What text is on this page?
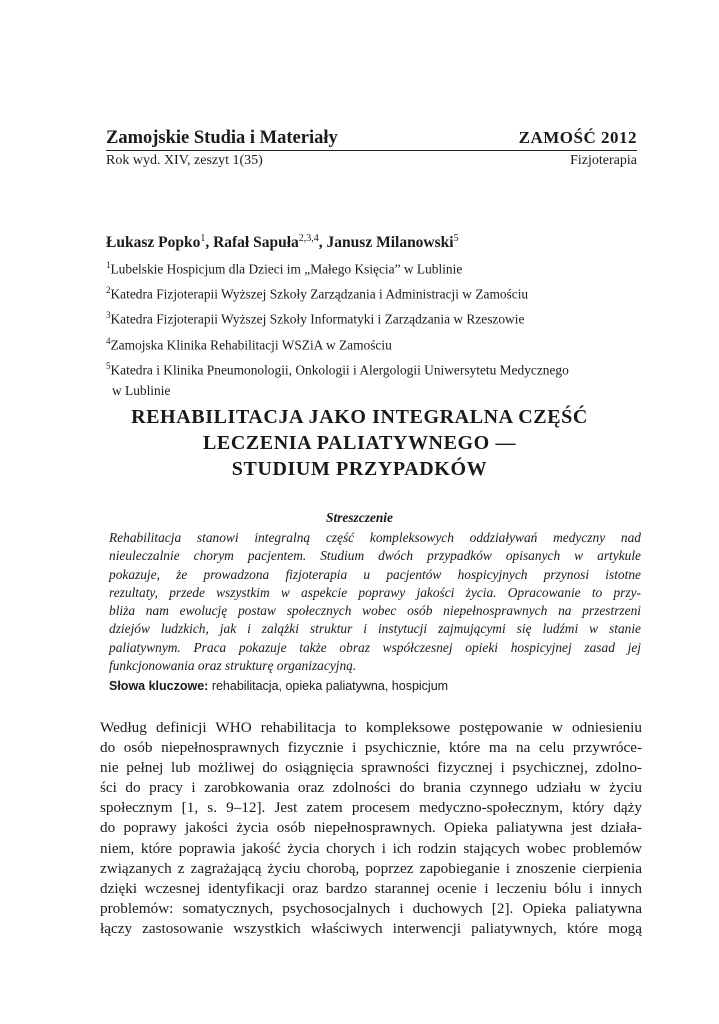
Zamojskie Studia i Materiały	ZAMOŚĆ 2012
Rok wyd. XIV, zeszyt 1(35)	Fizjoterapia
Łukasz Popko$^1$, Rafał Sapuła$^{2,3,4}$, Janusz Milanowski$^5$
$^1$Lubelskie Hospicjum dla Dzieci im „Małego Księcia” w Lublinie
$^2$Katedra Fizjoterapii Wyższej Szkoły Zarządzania i Administracji w Zamościu
$^3$Katedra Fizjoterapii Wyższej Szkoły Informatyki i Zarządzania w Rzeszowie
$^4$Zamojska Klinika Rehabilitacji WSZiA w Zamościu
$^5$Katedra i Klinika Pneumonologii, Onkologii i Alergologii Uniwersytetu Medycznego
w Lublinie
REHABILITACJA JAKO INTEGRALNA CZĘŚĆ
LECZENIA PALIATYWNEGO —
STUDIUM PRZYPADKÓW
Streszczenie
Rehabilitacja stanowi integralną część kompleksowych oddziaływań medyczny nad
nieuleczalnie chorym pacjentem. Studium dwóch przypadków opisanych w artykule
pokazuje, że prowadzona fizjoterapia u pacjentów hospicyjnych przynosi istotne
rezultaty, przede wszystkim w aspekcie poprawy jakości życia. Opracowanie to przy-
bliża nam ewolucję postaw społecznych wobec osób niepełnosprawnych na przestrzeni
dziejów ludzkich, jak i zalążki struktur i instytucji zajmującymi się ludźmi w stanie
paliatywnym. Praca pokazuje także obraz współczesnej opieki hospicyjnej zasad jej
funkcjonowania oraz strukturę organizacyjną.
Słowa kluczowe: rehabilitacja, opieka paliatywna, hospicjum
Według definicji WHO rehabilitacja to kompleksowe postępowanie w odniesieniu
do osób niepełnosprawnych fizycznie i psychicznie, które ma na celu przywróce-
nie pełnej lub możliwej do osiągnięcia sprawności fizycznej i psychicznej, zdolno-
ści do pracy i zarobkowania oraz zdolności do brania czynnego udziału w życiu
społecznym [1, s. 9–12]. Jest zatem procesem medyczno-społecznym, który dąży
do poprawy jakości życia osób niepełnosprawnych. Opieka paliatywna jest działa-
niem, które poprawia jakość życia chorych i ich rodzin stających wobec problemów
związanych z zagrażającą życiu chorobą, poprzez zapobieganie i znoszenie cierpienia
dzięki wczesnej identyfikacji oraz bardzo starannej ocenie i leczeniu bólu i innych
problemów: somatycznych, psychosocjalnych i duchowych [2]. Opieka paliatywna
łączy zastosowanie wszystkich właściwych interwencji paliatywnych, które mogą
